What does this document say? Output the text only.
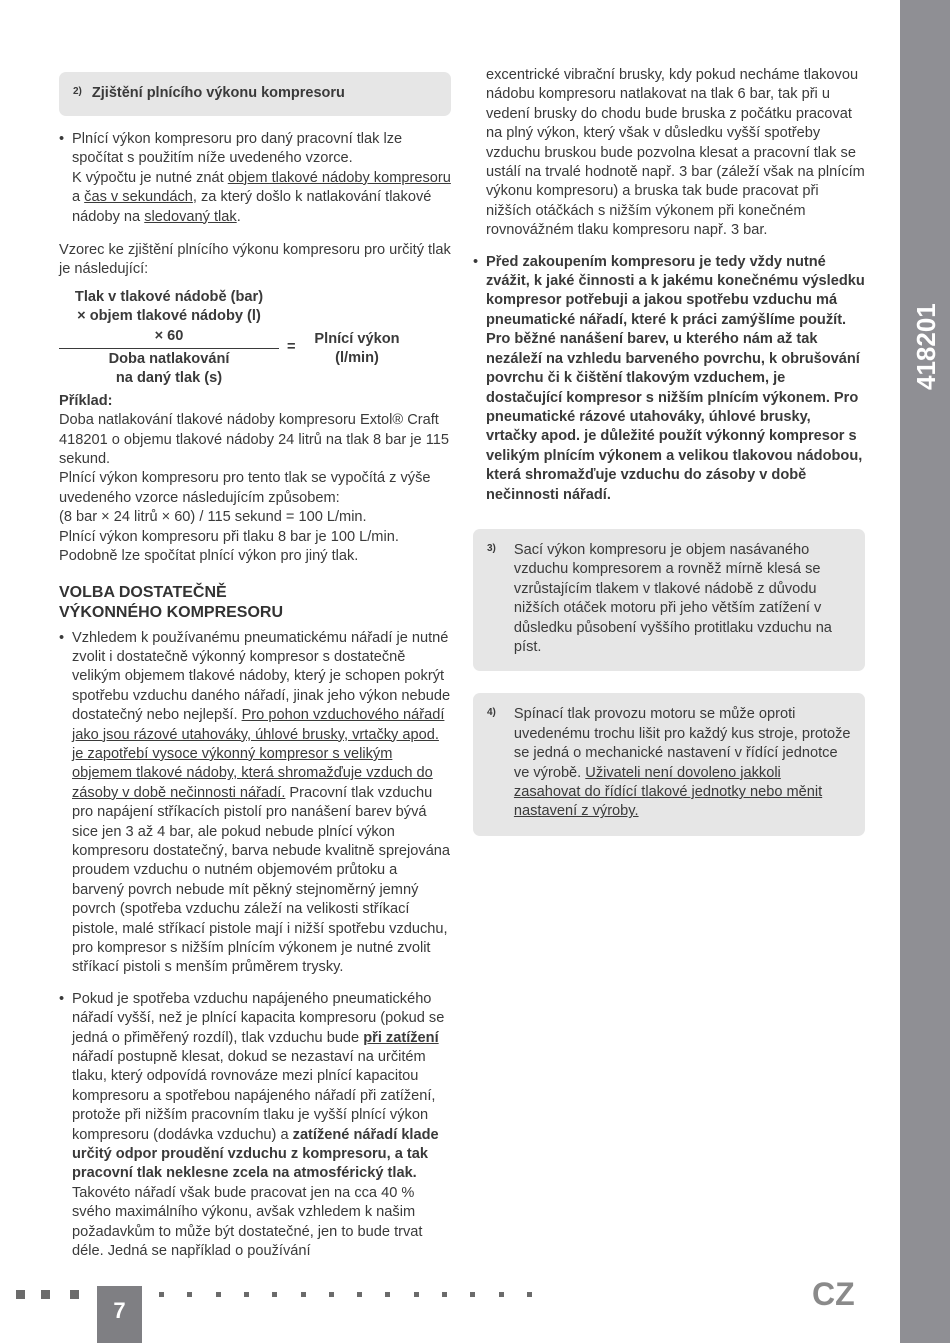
$^{2)}$ Zjištění plnícího výkonu kompresoru
• Plnící výkon kompresoru pro daný pracovní tlak lze spočítat s použitím níže uvedeného vzorce.
K výpočtu je nutné znát objem tlakové nádoby kompresoru a čas v sekundách, za který došlo k natlakování tlakové nádoby na sledovaný tlak.

Vzorec ke zjištění plnícího výkonu kompresoru pro určitý tlak je následující:

Tlak v tlakové nádobě (bar)
× objem tlakové nádoby (l)
× 60
Doba natlakování
na daný tlak (s)
=	Plnící výkon
(l/min)
Příklad:
Doba natlakování tlakové nádoby kompresoru Extol® Craft 418201 o objemu tlakové nádoby 24 litrů na tlak 8 bar je 115 sekund.
Plnící výkon kompresoru pro tento tlak se vypočítá z výše uvedeného vzorce následujícím způsobem:
(8 bar × 24 litrů × 60) / 115 sekund = 100 L/min.
Plnící výkon kompresoru při tlaku 8 bar je 100 L/min.
Podobně lze spočítat plnící výkon pro jiný tlak.
VOLBA DOSTATEČNĚ
VÝKONNÉHO KOMPRESORU
• Vzhledem k používanému pneumatickému nářadí je nutné zvolit i dostatečně výkonný kompresor s dostatečně velikým objemem tlakové nádoby, který je schopen pokrýt spotřebu vzduchu daného nářadí, jinak jeho výkon nebude dostatečný nebo nejlepší. Pro pohon vzduchového nářadí jako jsou rázové utahováky, úhlové brusky, vrtačky apod. je zapotřebí vysoce výkonný kompresor s velikým objemem tlakové nádoby, která shromažďuje vzduch do zásoby v době nečinnosti nářadí. Pracovní tlak vzduchu pro napájení stříkacích pistolí pro nanášení barev bývá sice jen 3 až 4 bar, ale pokud nebude plnící výkon kompresoru dostatečný, barva nebude kvalitně sprejována proudem vzduchu o nutném objemovém průtoku a barvený povrch nebude mít pěkný stejnoměrný jemný povrch (spotřeba vzduchu záleží na velikosti stříkací pistole, malé stříkací pistole mají i nižší spotřebu vzduchu, pro kompresor s nižším plnícím výkonem je nutné zvolit stříkací pistoli s menším průměrem trysky.
• Pokud je spotřeba vzduchu napájeného pneumatického nářadí vyšší, než je plnící kapacita kompresoru (pokud se jedná o přiměřený rozdíl), tlak vzduchu bude při zatížení nářadí postupně klesat, dokud se nezastaví na určitém tlaku, který odpovídá rovnováze mezi plnící kapacitou kompresoru a spotřebou napájeného nářadí při zatížení, protože při nižším pracovním tlaku je vyšší plnící výkon kompresoru (dodávka vzduchu) a zatížené nářadí klade určitý odpor proudění vzduchu z kompresoru, a tak pracovní tlak neklesne zcela na atmosférický tlak. Takovéto nářadí však bude pracovat jen na cca 40 % svého maximálního výkonu, avšak vzhledem k našim požadavkům to může být dostatečné, jen to bude trvat déle. Jedná se například o používání

excentrické vibrační brusky, kdy pokud necháme tlakovou nádobu kompresoru natlakovat na tlak 6 bar, tak při u vedení brusky do chodu bude bruska z počátku pracovat na plný výkon, který však v důsledku vyšší spotřeby vzduchu bruskou bude pozvolna klesat a pracovní tlak se ustálí na trvalé hodnotě např. 3 bar (záleží však na plnícím výkonu kompresoru) a bruska tak bude pracovat při nižších otáčkách s nižším výkonem při konečném rovnovážném tlaku kompresoru např. 3 bar.

• Před zakoupením kompresoru je tedy vždy nutné zvážit, k jaké činnosti a k jakému konečnému výsledku kompresor potřebuji a jakou spotřebu vzduchu má pneumatické nářadí, které k práci zamýšlíme použít. Pro běžné nanášení barev, u kterého nám až tak nezáleží na vzhledu barveného povrchu, k obrušování povrchu či k čištění tlakovým vzduchem, je dostačující kompresor s nižším plnícím výkonem. Pro pneumatické rázové utahováky, úhlové brusky, vrtačky apod. je důležité použít výkonný kompresor s velikým plnícím výkonem a velikou tlakovou nádobou, která shromažďuje vzduchu do zásoby v době nečinnosti nářadí.
$^{3)}$	Sací výkon kompresoru je objem nasávaného vzduchu kompresorem a rovněž mírně klesá se vzrůstajícím tlakem v tlakové nádobě z důvodu nižších otáček motoru při jeho větším zatížení v důsledku působení vyššího protitlaku vzduchu na píst.
$^{4)}$	Spínací tlak provozu motoru se může oproti uvedenému trochu lišit pro každý kus stroje, protože se jedná o mechanické nastavení v řídící jednotce ve výrobě. Uživateli není dovoleno jakkoli zasahovat do řídící tlakové jednotky nebo měnit nastavení z výroby.
418201
7	CZ
